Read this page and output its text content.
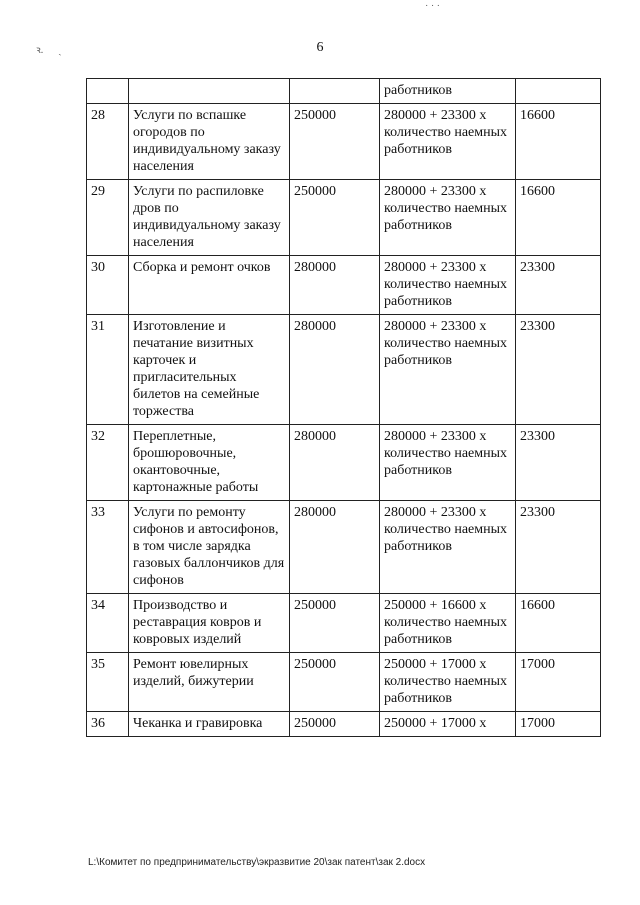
˙ ˙ ˙
ꝛ.      ˏ	6
			работников	
28	Услуги по вспашке огородов по индивидуальному заказу населения	250000	280000 + 23300 x количество наемных работников	16600
29	Услуги по распиловке дров по индивидуальному заказу населения	250000	280000 + 23300 x количество наемных работников	16600
30	Сборка и ремонт очков	280000	280000 + 23300 x количество наемных работников	23300
31	Изготовление и печатание визитных карточек и пригласительных билетов на семейные торжества	280000	280000 + 23300 x количество наемных работников	23300
32	Переплетные, брошюровочные, окантовочные, картонажные работы	280000	280000 + 23300 x количество наемных работников	23300
33	Услуги по ремонту сифонов и автосифонов, в том числе зарядка газовых баллончиков для сифонов	280000	280000 + 23300 x количество наемных работников	23300
34	Производство и реставрация ковров и ковровых изделий	250000	250000 + 16600 x количество наемных работников	16600
35	Ремонт ювелирных изделий, бижутерии	250000	250000 + 17000 x количество наемных работников	17000
36	Чеканка и гравировка	250000	250000 + 17000 x	17000
L:\Комитет по предпринимательству\экразвитие 20\зак патент\зак 2.docx
